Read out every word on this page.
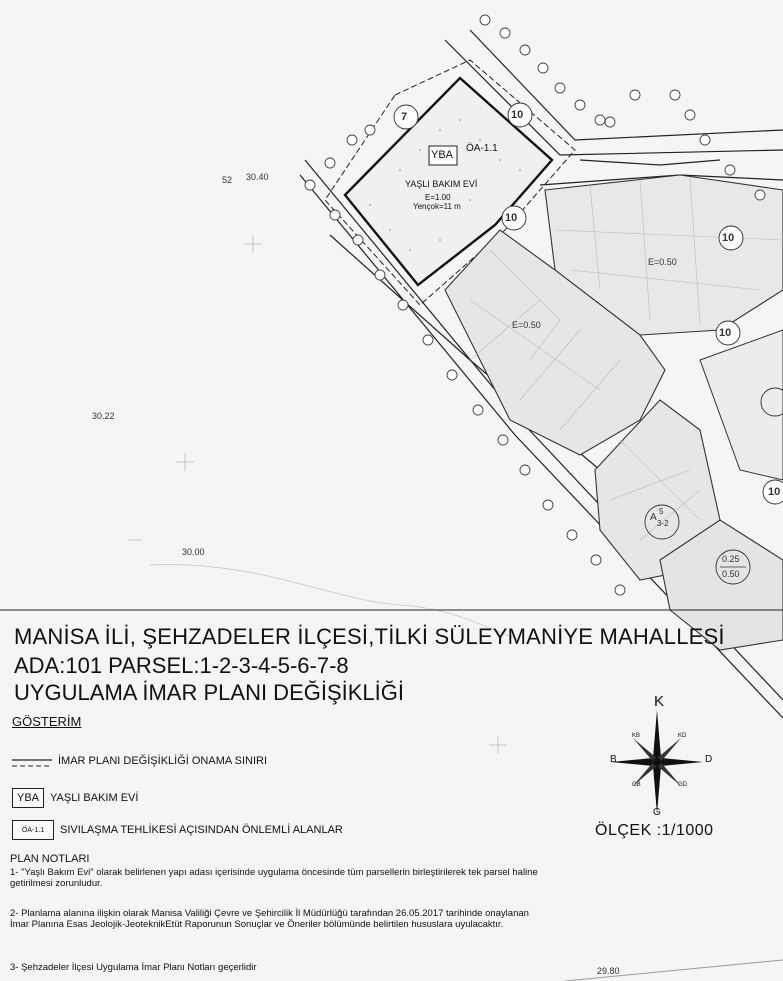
YBA
ÖA-1.1
YAŞLI BAKIM EVİ
E=1.00
Yençok=11 m
10
10
10
10
7
10
E=0.50
E=0.50
A
5
3-2
0.25
0.50
52 30.40
30.22
30.00
29.80
MANİSA İLİ, ŞEHZADELER İLÇESİ,TİLKİ SÜLEYMANİYE MAHALLESİ
ADA:101 PARSEL:1-2-3-4-5-6-7-8
UYGULAMA İMAR PLANI DEĞİŞİKLİĞİ
GÖSTERİM
İMAR PLANI DEĞİŞİKLİĞİ ONAMA SINIRI
YBA	YAŞLI BAKIM EVİ
ÖA-1.1	SIVILAŞMA TEHLİKESİ AÇISINDAN ÖNLEMLİ ALANLAR
K
G
D
B
KD
KB
GD
GB
ÖLÇEK :1/1000
PLAN NOTLARI
1- "Yaşlı Bakım Evi" olarak belirlenen yapı adası içerisinde uygulama öncesinde tüm parsellerin birleştirilerek tek parsel haline getirilmesi zorunludur.
2- Planlama alanına ilişkin olarak Manisa Valiliği Çevre ve Şehircilik İl Müdürlüğü tarafından 26.05.2017 tarihinde onaylanan İmar Planına Esas Jeolojik-JeoteknikEtüt Raporunun Sonuçlar ve Öneriler bölümünde belirtilen hususlara uyulacaktır.
3- Şehzadeler İlçesi Uygulama İmar Planı Notları geçerlidir
